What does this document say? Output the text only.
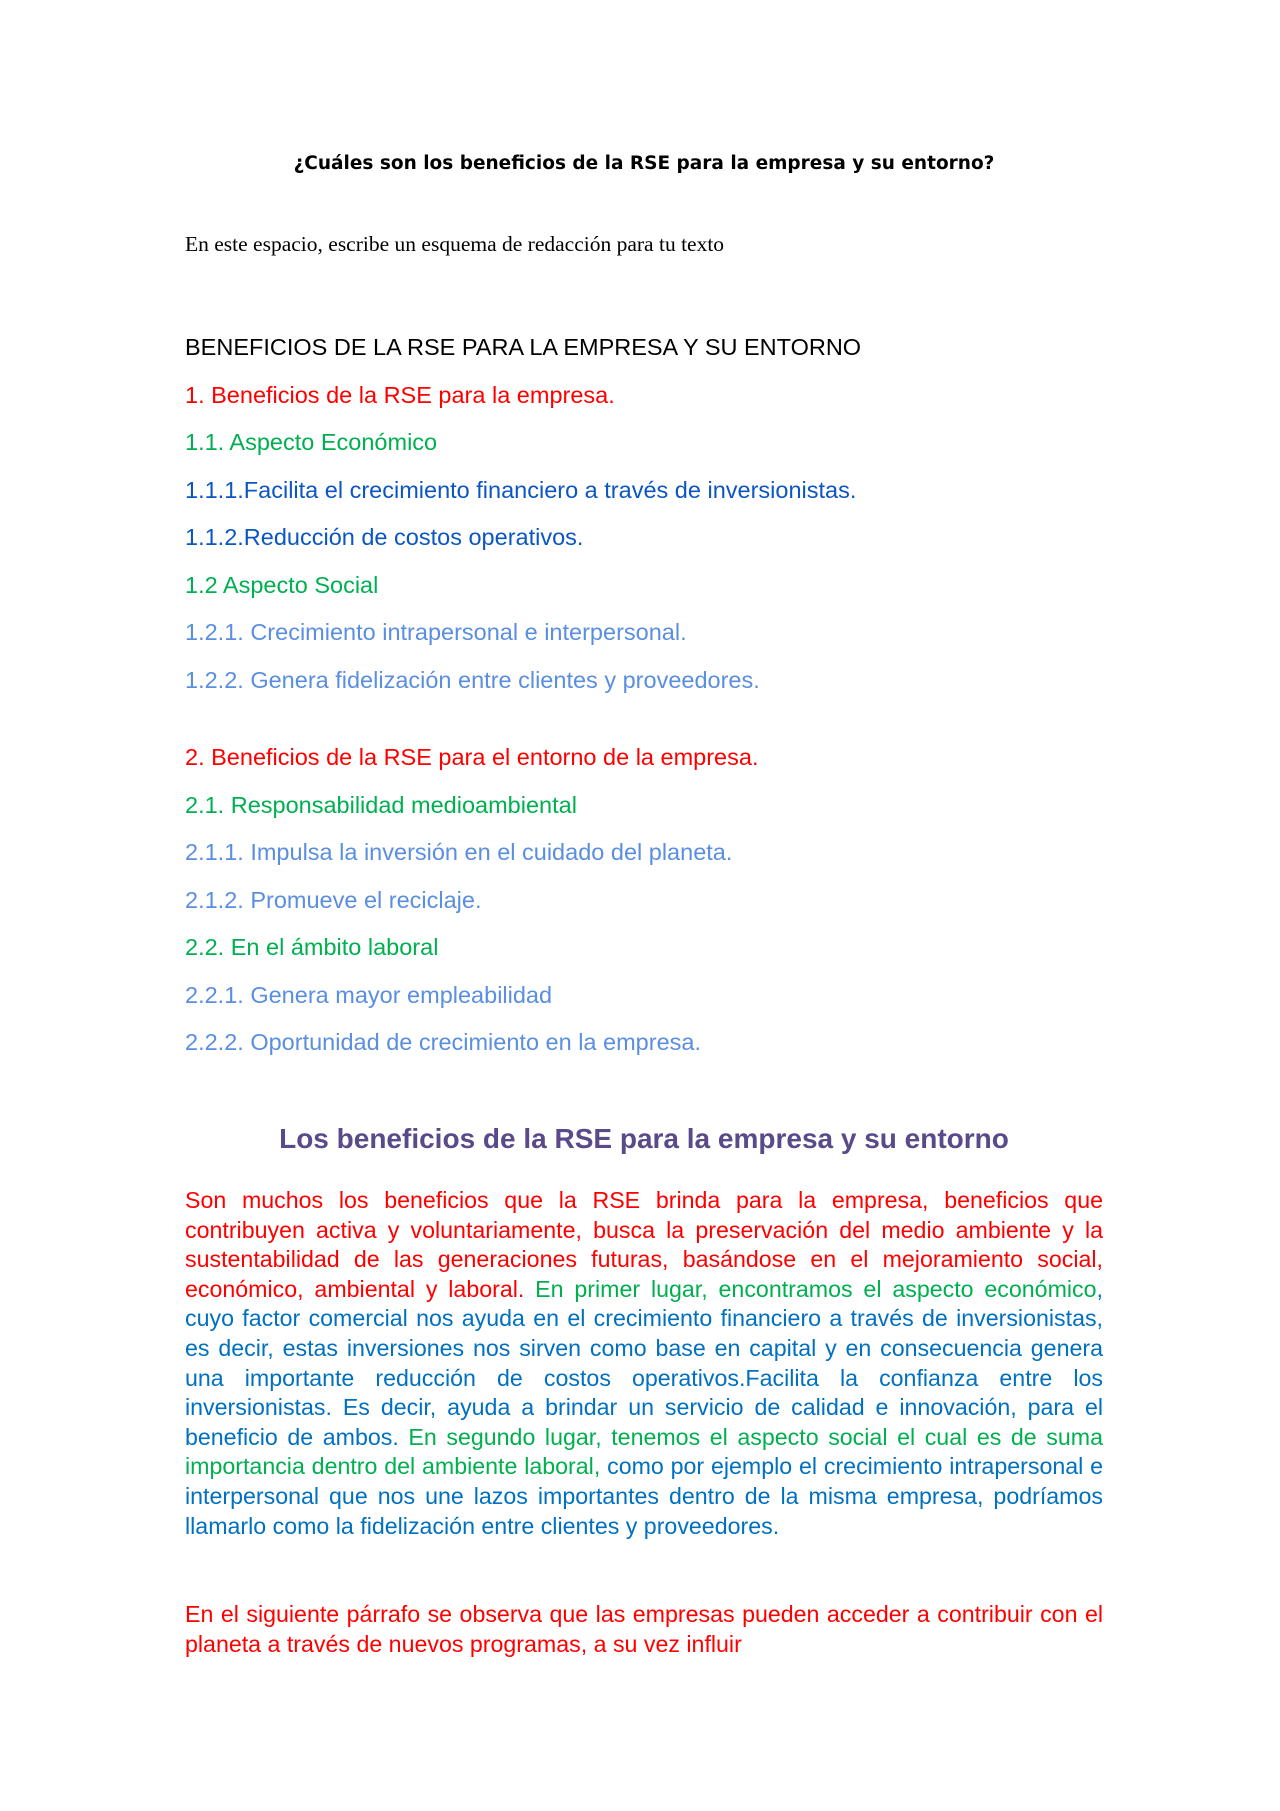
¿Cuáles son los beneficios de la RSE para la empresa y su entorno?
En este espacio, escribe un esquema de redacción para tu texto
BENEFICIOS DE LA RSE PARA LA EMPRESA Y SU ENTORNO
1. Beneficios de la RSE para la empresa.
1.1. Aspecto Económico
1.1.1.Facilita el crecimiento financiero a través de inversionistas.
1.1.2.Reducción de costos operativos.
1.2 Aspecto Social
1.2.1. Crecimiento intrapersonal e interpersonal.
1.2.2. Genera fidelización entre clientes y proveedores.
2. Beneficios de la RSE para el entorno de la empresa.
2.1. Responsabilidad medioambiental
2.1.1. Impulsa la inversión en el cuidado del planeta.
2.1.2. Promueve el reciclaje.
2.2. En el ámbito laboral
2.2.1. Genera mayor empleabilidad
2.2.2. Oportunidad de crecimiento en la empresa.
Los beneficios de la RSE para la empresa y su entorno
Son muchos los beneficios que la RSE brinda para la empresa, beneficios que contribuyen activa y voluntariamente, busca la preservación del medio ambiente y la sustentabilidad de las generaciones futuras, basándose en el mejoramiento social, económico, ambiental y laboral. En primer lugar, encontramos el aspecto económico, cuyo factor comercial nos ayuda en el crecimiento financiero a través de inversionistas, es decir, estas inversiones nos sirven como base en capital y en consecuencia genera una importante reducción de costos operativos.Facilita la confianza entre los inversionistas. Es decir, ayuda a brindar un servicio de calidad e innovación, para el beneficio de ambos. En segundo lugar, tenemos el aspecto social el cual es de suma importancia dentro del ambiente laboral, como por ejemplo el crecimiento intrapersonal e interpersonal que nos une lazos importantes dentro de la misma empresa, podríamos llamarlo como la fidelización entre clientes y proveedores.
En el siguiente párrafo se observa que las empresas pueden acceder a contribuir con el planeta a través de nuevos programas, a su vez influir
